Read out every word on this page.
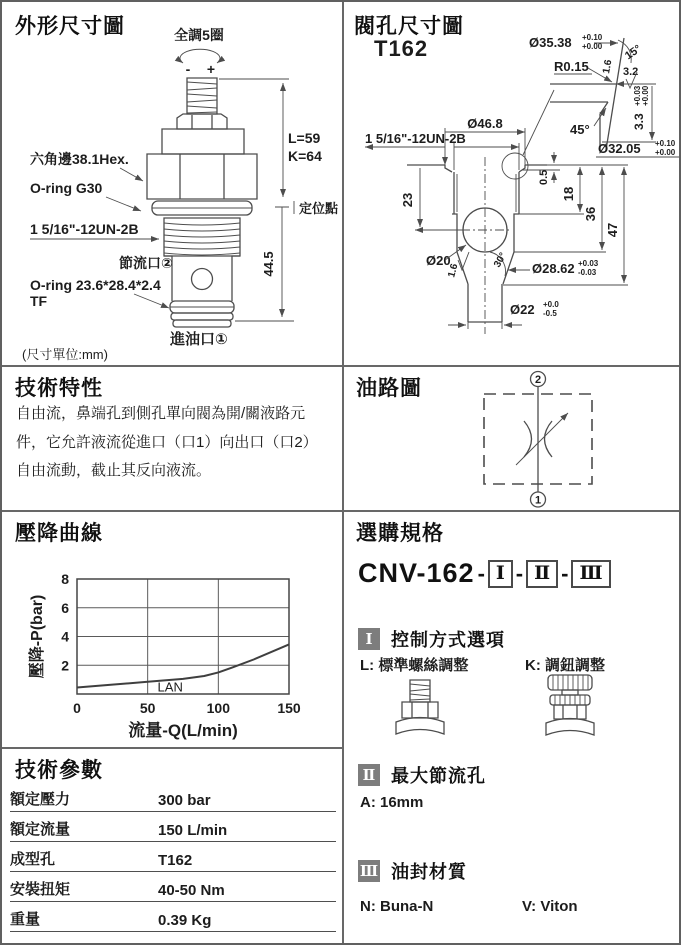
外形尺寸圖	全調5圈
- +
L=59
K=64
定位點
44.5
六角邊38.1Hex.
O-ring G30
1 5/16"-12UN-2B
節流口②
O-ring 23.6*28.4*2.4
TF
進油口①
(尺寸單位:mm)
閥孔尺寸圖
T162
Ø46.8
1 5/16"-12UN-2B
23
0.5
18
36
47
Ø20	30°
1.6	Ø28.62 +0.03
-0.03
Ø22 +0.0
-0.5
Ø35.38 +0.10
+0.00 15°
R0.15 1.6 3.2
45°	3.3
+0.03 +0.00
Ø32.05 +0.10
+0.00
技術特性
自由流，鼻端孔到側孔單向閥為開/關液路元件，它允許液流從進口（口1）向出口（口2）自由流動，截止其反向液流。
油路圖	2
1
壓降曲線
2
4
6
8
0	50	100	150
LAN
流量-Q(L/min)
壓降-P(bar)
選購規格
CNV-162 - Ⅰ - Ⅱ - Ⅲ
Ⅰ	控制方式選項
L: 標準螺絲調整	K: 調鈕調整
Ⅱ 最大節流孔
A: 16mm
Ⅲ 油封材質
N: Buna-N	V: Viton
技術參數
額定壓力	300 bar
額定流量	150 L/min
成型孔	T162
安裝扭矩	40-50 Nm
重量	0.39 Kg
